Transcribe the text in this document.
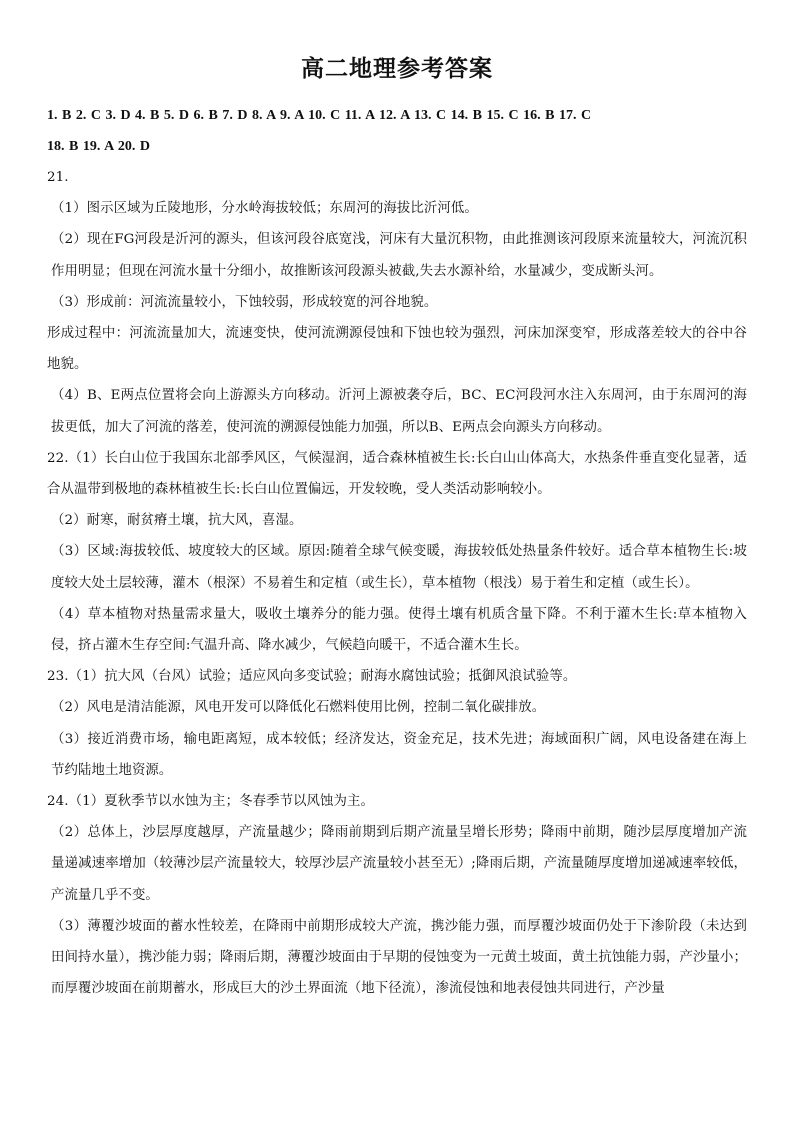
高二地理参考答案

1. B 2. C 3. D 4. B 5. D 6. B 7. D 8. A 9. A 10. C 11. A 12. A 13. C 14. B 15. C 16. B 17. C

18. B 19. A 20. D

21.

（1）图示区域为丘陵地形，分水岭海拔较低；东周河的海拔比沂河低。

（2）现在FG河段是沂河的源头，但该河段谷底宽浅，河床有大量沉积物，由此推测该河段原来流量较大，河流沉积作用明显；但现在河流水量十分细小，故推断该河段源头被截,失去水源补给，水量减少，变成断头河。

（3）形成前：河流流量较小，下蚀较弱，形成较宽的河谷地貌。

形成过程中：河流流量加大，流速变快，使河流溯源侵蚀和下蚀也较为强烈，河床加深变窄，形成落差较大的谷中谷地貌。

（4）B、E两点位置将会向上游源头方向移动。沂河上源被袭夺后，BC、EC河段河水注入东周河，由于东周河的海拔更低，加大了河流的落差，使河流的溯源侵蚀能力加强，所以B、E两点会向源头方向移动。

22.（1）长白山位于我国东北部季风区，气候湿润，适合森林植被生长:长白山山体高大，水热条件垂直变化显著，适合从温带到极地的森林植被生长:长白山位置偏远，开发较晚，受人类活动影响较小。

（2）耐寒，耐贫瘠土壤，抗大风，喜湿。

（3）区域:海拔较低、坡度较大的区域。原因:随着全球气候变暖，海拔较低处热量条件较好。适合草本植物生长:坡度较大处土层较薄，灌木（根深）不易着生和定植（或生长），草本植物（根浅）易于着生和定植（或生长）。

（4）草本植物对热量需求量大，吸收土壤养分的能力强。使得土壤有机质含量下降。不利于灌木生长:草本植物入侵，挤占灌木生存空间:气温升高、降水减少，气候趋向暖干，不适合灌木生长。

23.（1）抗大风（台风）试验；适应风向多变试验；耐海水腐蚀试验；抵御风浪试验等。

（2）风电是清洁能源，风电开发可以降低化石燃料使用比例，控制二氧化碳排放。

（3）接近消费市场，输电距离短，成本较低；经济发达，资金充足，技术先进；海域面积广阔，风电设备建在海上节约陆地土地资源。

24.（1）夏秋季节以水蚀为主；冬春季节以风蚀为主。

（2）总体上，沙层厚度越厚，产流量越少；降雨前期到后期产流量呈增长形势；降雨中前期，随沙层厚度增加产流量递减速率增加（较薄沙层产流量较大，较厚沙层产流量较小甚至无）;降雨后期，产流量随厚度增加递减速率较低，产流量几乎不变。

（3）薄覆沙坡面的蓄水性较差，在降雨中前期形成较大产流，携沙能力强，而厚覆沙坡面仍处于下渗阶段（未达到田间持水量），携沙能力弱；降雨后期，薄覆沙坡面由于早期的侵蚀变为一元黄土坡面，黄土抗蚀能力弱，产沙量小；而厚覆沙坡面在前期蓄水，形成巨大的沙土界面流（地下径流），渗流侵蚀和地表侵蚀共同进行，产沙量
